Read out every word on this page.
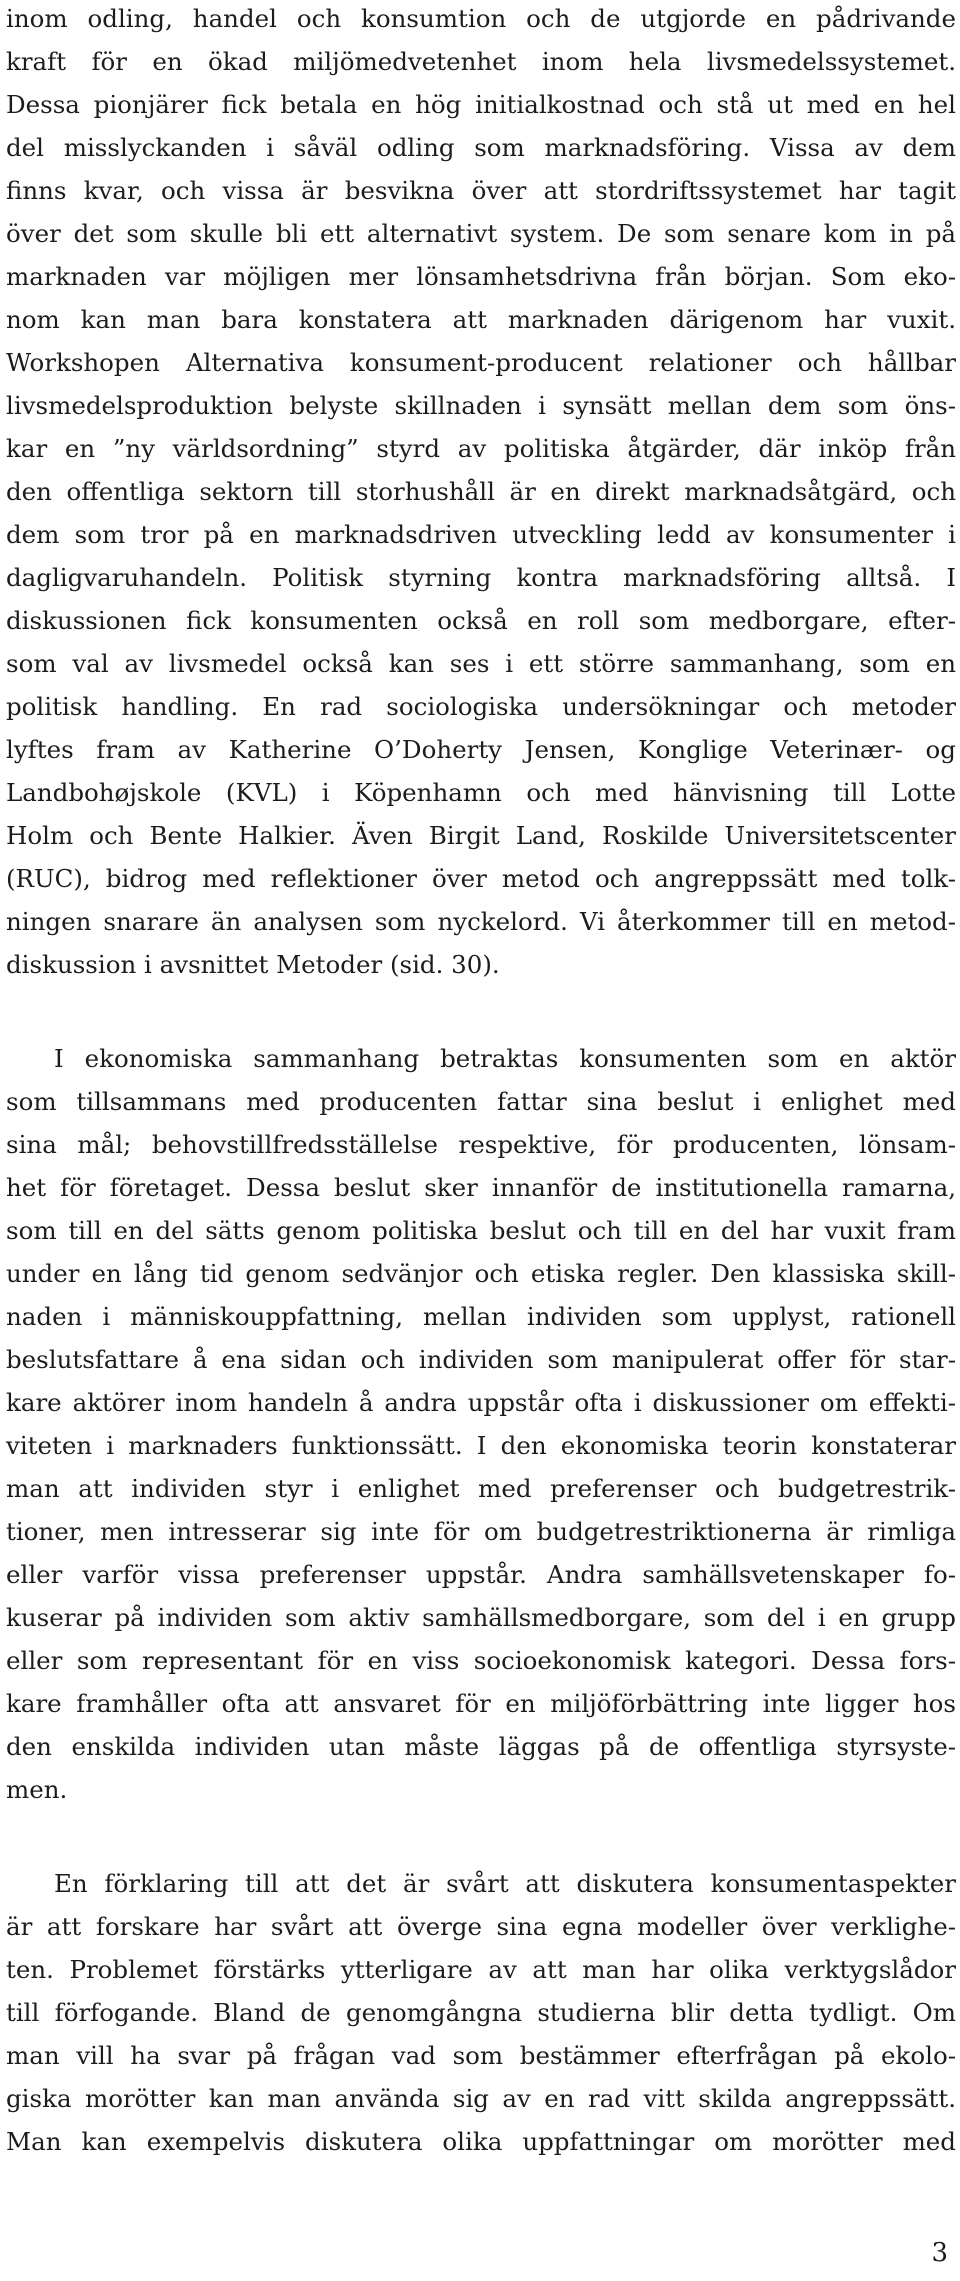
inom odling, handel och konsumtion och de utgjorde en pådrivande
kraft för en ökad miljömedvetenhet inom hela livsmedelssystemet.
Dessa pionjärer fick betala en hög initialkostnad och stå ut med en hel
del misslyckanden i såväl odling som marknadsföring. Vissa av dem
finns kvar, och vissa är besvikna över att stordriftssystemet har tagit
över det som skulle bli ett alternativt system. De som senare kom in på
marknaden var möjligen mer lönsamhetsdrivna från början. Som eko-
nom kan man bara konstatera att marknaden därigenom har vuxit.
Workshopen Alternativa konsument-producent relationer och hållbar
livsmedelsproduktion belyste skillnaden i synsätt mellan dem som öns-
kar en ”ny världsordning” styrd av politiska åtgärder, där inköp från
den offentliga sektorn till storhushåll är en direkt marknadsåtgärd, och
dem som tror på en marknadsdriven utveckling ledd av konsumenter i
dagligvaruhandeln. Politisk styrning kontra marknadsföring alltså. I
diskussionen fick konsumenten också en roll som medborgare, efter-
som val av livsmedel också kan ses i ett större sammanhang, som en
politisk handling. En rad sociologiska undersökningar och metoder
lyftes fram av Katherine O’Doherty Jensen, Konglige Veterinær- og
Landbohøjskole (KVL) i Köpenhamn och med hänvisning till Lotte
Holm och Bente Halkier. Även Birgit Land, Roskilde Universitetscenter
(RUC), bidrog med reflektioner över metod och angreppssätt med tolk-
ningen snarare än analysen som nyckelord. Vi återkommer till en metod-
diskussion i avsnittet Metoder (sid. 30).
I ekonomiska sammanhang betraktas konsumenten som en aktör
som tillsammans med producenten fattar sina beslut i enlighet med
sina mål; behovstillfredsställelse respektive, för producenten, lönsam-
het för företaget. Dessa beslut sker innanför de institutionella ramarna,
som till en del sätts genom politiska beslut och till en del har vuxit fram
under en lång tid genom sedvänjor och etiska regler. Den klassiska skill-
naden i människouppfattning, mellan individen som upplyst, rationell
beslutsfattare å ena sidan och individen som manipulerat offer för star-
kare aktörer inom handeln å andra uppstår ofta i diskussioner om effekti-
viteten i marknaders funktionssätt. I den ekonomiska teorin konstaterar
man att individen styr i enlighet med preferenser och budgetrestrik-
tioner, men intresserar sig inte för om budgetrestriktionerna är rimliga
eller varför vissa preferenser uppstår. Andra samhällsvetenskaper fo-
kuserar på individen som aktiv samhällsmedborgare, som del i en grupp
eller som representant för en viss socioekonomisk kategori. Dessa fors-
kare framhåller ofta att ansvaret för en miljöförbättring inte ligger hos
den enskilda individen utan måste läggas på de offentliga styrsyste-
men.
En förklaring till att det är svårt att diskutera konsumentaspekter
är att forskare har svårt att överge sina egna modeller över verklighe-
ten. Problemet förstärks ytterligare av att man har olika verktygslådor
till förfogande. Bland de genomgångna studierna blir detta tydligt. Om
man vill ha svar på frågan vad som bestämmer efterfrågan på ekolo-
giska morötter kan man använda sig av en rad vitt skilda angreppssätt.
Man kan exempelvis diskutera olika uppfattningar om morötter med
3
